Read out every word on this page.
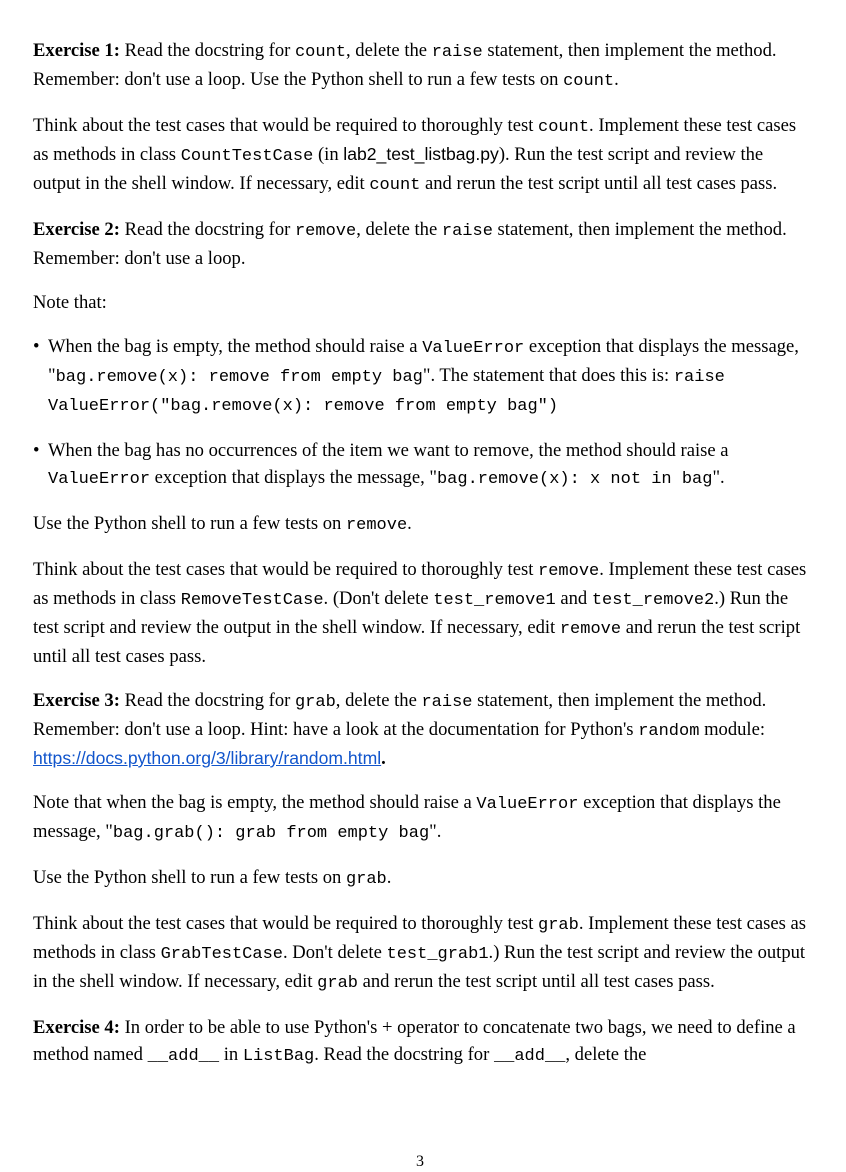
Exercise 1: Read the docstring for count, delete the raise statement, then implement the method. Remember: don't use a loop. Use the Python shell to run a few tests on count.

Think about the test cases that would be required to thoroughly test count. Implement these test cases as methods in class CountTestCase (in lab2_test_listbag.py). Run the test script and review the output in the shell window. If necessary, edit count and rerun the test script until all test cases pass.

Exercise 2: Read the docstring for remove, delete the raise statement, then implement the method. Remember: don't use a loop.

Note that:

• When the bag is empty, the method should raise a ValueError exception that displays the message, "bag.remove(x): remove from empty bag". The statement that does this is: raise ValueError("bag.remove(x): remove from empty bag")
• When the bag has no occurrences of the item we want to remove, the method should raise a ValueError exception that displays the message, "bag.remove(x): x not in bag".

Use the Python shell to run a few tests on remove.

Think about the test cases that would be required to thoroughly test remove. Implement these test cases as methods in class RemoveTestCase. (Don't delete test_remove1 and test_remove2.) Run the test script and review the output in the shell window. If necessary, edit remove and rerun the test script until all test cases pass.

Exercise 3: Read the docstring for grab, delete the raise statement, then implement the method. Remember: don't use a loop. Hint: have a look at the documentation for Python's random module: https://docs.python.org/3/library/random.html.

Note that when the bag is empty, the method should raise a ValueError exception that displays the message, "bag.grab(): grab from empty bag".

Use the Python shell to run a few tests on grab.

Think about the test cases that would be required to thoroughly test grab. Implement these test cases as methods in class GrabTestCase. Don't delete test_grab1.) Run the test script and review the output in the shell window. If necessary, edit grab and rerun the test script until all test cases pass.

Exercise 4: In order to be able to use Python's + operator to concatenate two bags, we need to define a method named __add__ in ListBag. Read the docstring for __add__, delete the

3
